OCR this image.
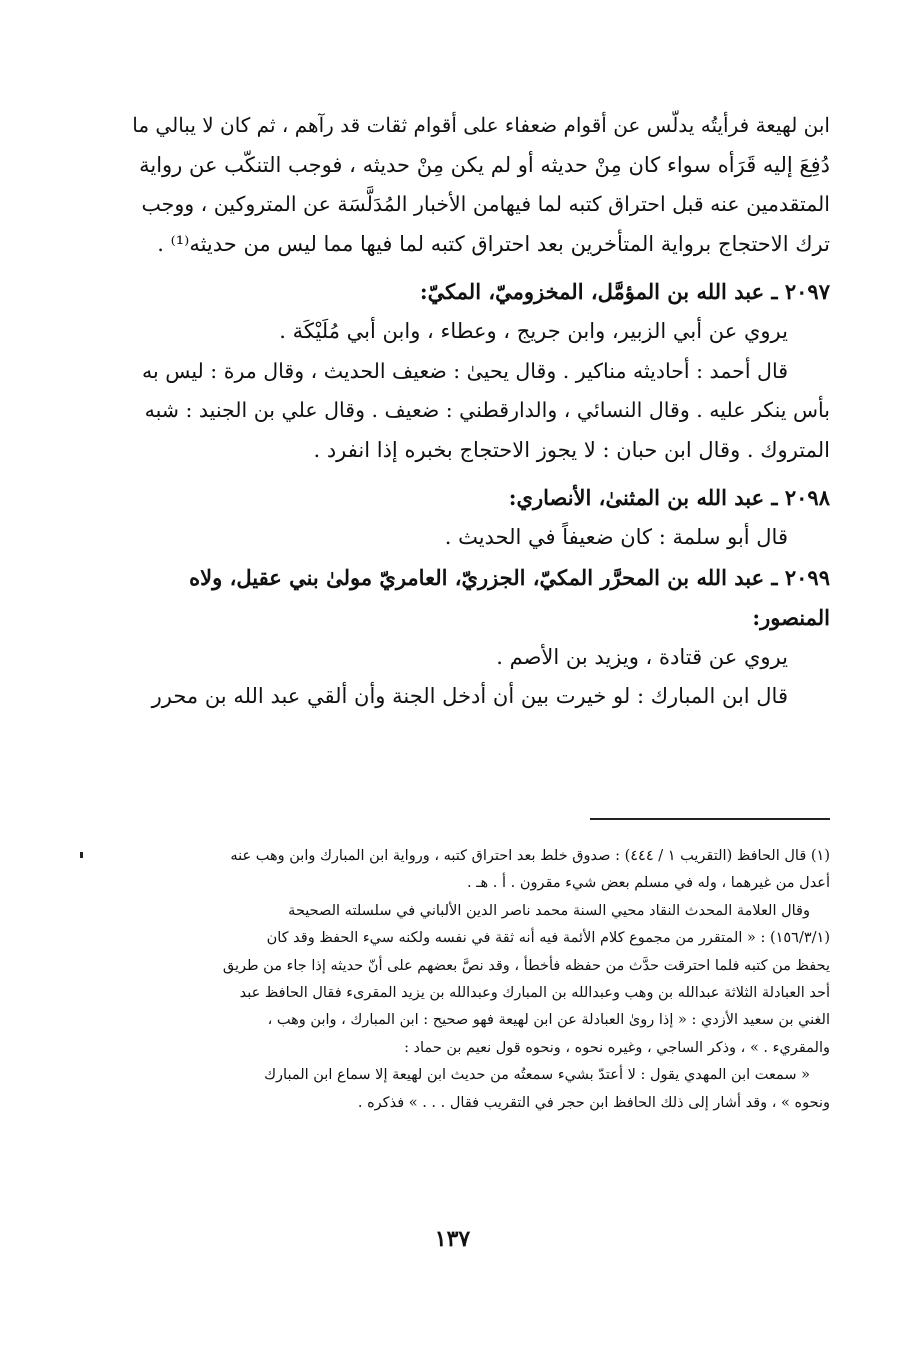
ابن لهيعة فرأيتُه يدلّس عن أقوام ضعفاء على أقوام ثقات قد رآهم ، ثم كان لا يبالي ما
دُفِعَ إليه قَرَأه سواء كان مِنْ حديثه أو لم يكن مِنْ حديثه ، فوجب التنكّب عن رواية
المتقدمين عنه قبل احتراق كتبه لما فيهامن الأخبار المُدَلَّسَة عن المتروكين ، ووجب
ترك الاحتجاج برواية المتأخرين بعد احتراق كتبه لما فيها مما ليس من حديثه⁽¹⁾ .
٢٠٩٧ ـ عبد الله بن المؤمَّل، المخزوميّ، المكيّ:
يروي عن أبي الزبير، وابن جريج ، وعطاء ، وابن أبي مُلَيْكَة .
قال أحمد : أحاديثه مناكير . وقال يحيىٰ : ضعيف الحديث ، وقال مرة : ليس به
بأس ينكر عليه . وقال النسائي ، والدارقطني : ضعيف . وقال علي بن الجنيد : شبه
المتروك . وقال ابن حبان : لا يجوز الاحتجاج بخبره إذا انفرد .
٢٠٩٨ ـ عبد الله بن المثنىٰ، الأنصاري:
قال أبو سلمة : كان ضعيفاً في الحديث .
٢٠٩٩ ـ عبد الله بن المحرَّر المكيّ، الجزريّ، العامريّ مولىٰ بني عقيل، ولاه
المنصور:
يروي عن قتادة ، ويزيد بن الأصم .
قال ابن المبارك : لو خيرت بين أن أدخل الجنة وأن ألقي عبد الله بن محرر
(١) قال الحافظ (التقريب ١ / ٤٤٤) : صدوق خلط بعد احتراق كتبه ، ورواية ابن المبارك وابن وهب عنه
أعدل من غيرهما ، وله في مسلم بعض شيء مقرون . أ . هـ .
وقال العلامة المحدث النقاد محيي السنة محمد ناصر الدين الألباني في سلسلته الصحيحة
(١٥٦/٣/١) : « المتقرر من مجموع كلام الأئمة فيه أنه ثقة في نفسه ولكنه سيء الحفظ وقد كان
يحفظ من كتبه فلما احترقت حدَّث من حفظه فأخطأ ، وقد نصَّ بعضهم على أنّ حديثه إذا جاء من طريق
أحد العبادلة الثلاثة عبدالله بن وهب وعبدالله بن المبارك وعبدالله بن يزيد المقرىء فقال الحافظ عبد
الغني بن سعيد الأزدي : « إذا روىٰ العبادلة عن ابن لهيعة فهو صحيح : ابن المبارك ، وابن وهب ،
والمقريء . » ، وذكر الساجي ، وغيره نحوه ، ونحوه قول نعيم بن حماد :
« سمعت ابن المهدي يقول : لا أعتدّ بشيء سمعتُه من حديث ابن لهيعة إلا سماع ابن المبارك
ونحوه » ، وقد أشار إلى ذلك الحافظ ابن حجر في التقريب فقال . . . » فذكره .
١٣٧
